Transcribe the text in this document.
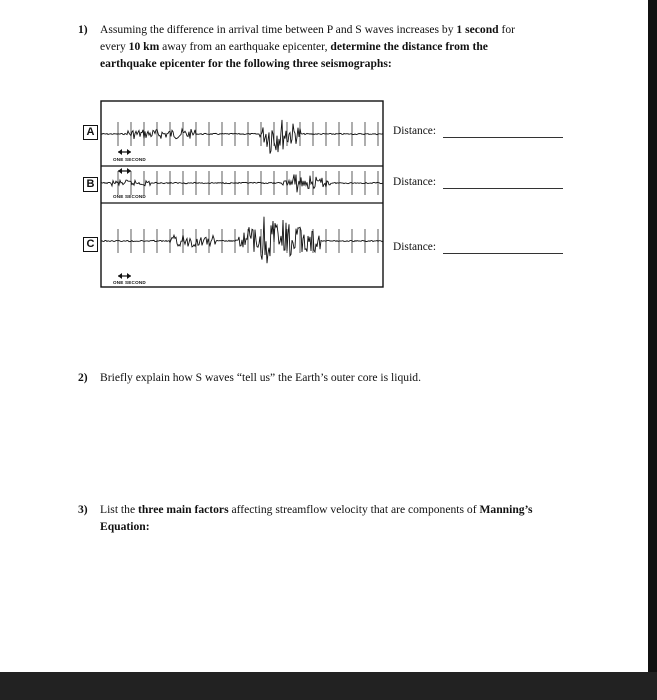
1) Assuming the difference in arrival time between P and S waves increases by 1 second for
every 10 km away from an earthquake epicenter, determine the distance from the
earthquake epicenter for the following three seismographs:
A
B
C
ONE SECOND
ONE SECOND
ONE SECOND
Distance:
Distance:
Distance:
2) Briefly explain how S waves “tell us” the Earth’s outer core is liquid.
3) List the three main factors affecting streamflow velocity that are components of Manning’s
Equation:
